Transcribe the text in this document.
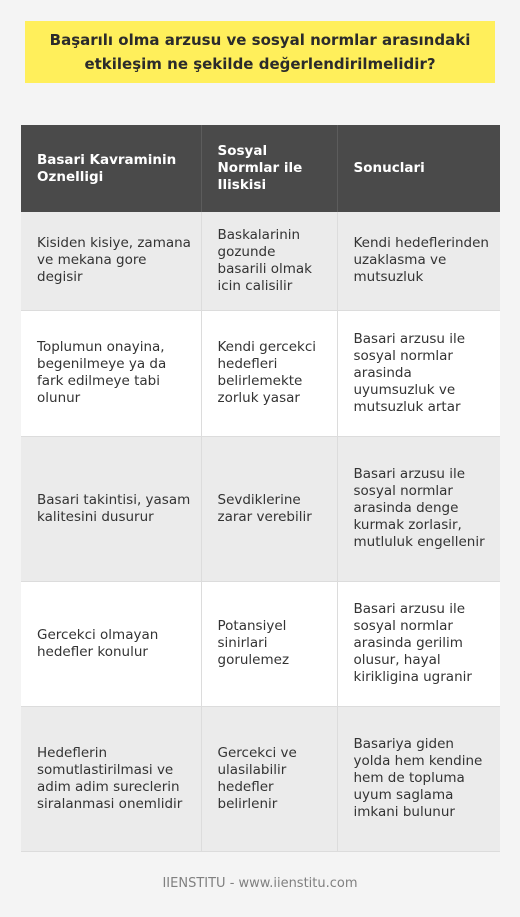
Başarılı olma arzusu ve sosyal normlar arasındaki etkileşim ne şekilde değerlendirilmelidir?
Basari Kavraminin Oznelligi	Sosyal Normlar ile Iliskisi	Sonuclari
Kisiden kisiye, zamana ve mekana gore degisir	Baskalarinin gozunde basarili olmak icin calisilir	Kendi hedeflerinden uzaklasma ve mutsuzluk
Toplumun onayina, begenilmeye ya da fark edilmeye tabi olunur	Kendi gercekci hedefleri belirlemekte zorluk yasar	Basari arzusu ile sosyal normlar arasinda uyumsuzluk ve mutsuzluk artar
Basari takintisi, yasam kalitesini dusurur	Sevdiklerine zarar verebilir	Basari arzusu ile sosyal normlar arasinda denge kurmak zorlasir, mutluluk engellenir
Gercekci olmayan hedefler konulur	Potansiyel sinirlari gorulemez	Basari arzusu ile sosyal normlar arasinda gerilim olusur, hayal kirikligina ugranir
Hedeflerin somutlastirilmasi ve adim adim sureclerin siralanmasi onemlidir	Gercekci ve ulasilabilir hedefler belirlenir	Basariya giden yolda hem kendine hem de topluma uyum saglama imkani bulunur
IIENSTITU - www.iienstitu.com
